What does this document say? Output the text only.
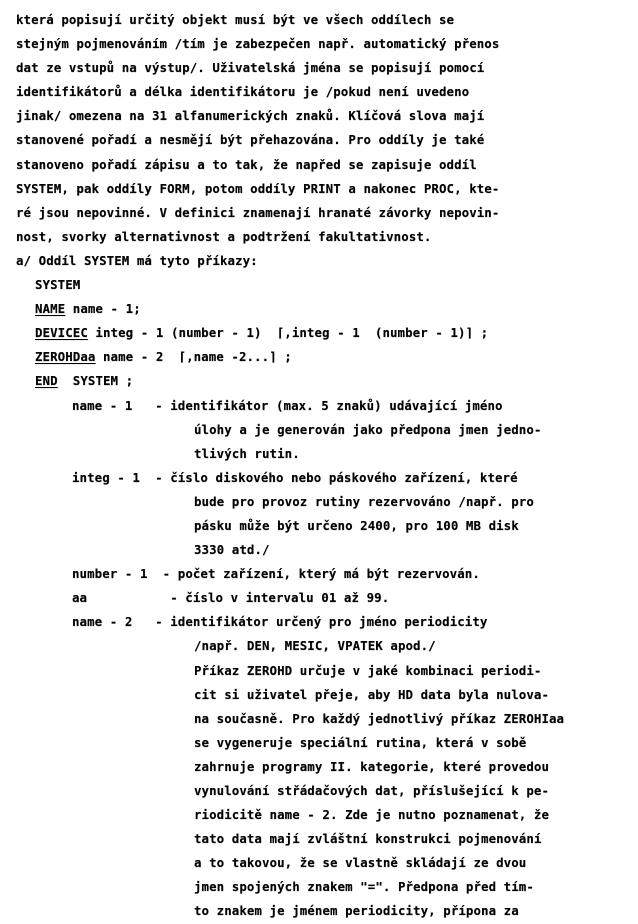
která popisují určitý objekt musí být ve všech oddílech se
stejným pojmenováním /tím je zabezpečen např. automatický přenos
dat ze vstupů na výstup/. Uživatelská jména se popisují pomocí
identifikátorů a délka identifikátoru je /pokud není uvedeno
jinak/ omezena na 31 alfanumerických znaků. Klíčová slova mají
stanovené pořadí a nesmějí být přehazována. Pro oddíly je také
stanoveno pořadí zápisu a to tak, že napřed se zapisuje oddíl
SYSTEM, pak oddíly FORM, potom oddíly PRINT a nakonec PROC, kte-
ré jsou nepovinné. V definici znamenají hranaté závorky nepovin-
nost, svorky alternativnost a podtržení fakultativnost.
a/ Oddíl SYSTEM má tyto příkazy:
SYSTEM
NAME name - 1;
DEVICEC integ - 1 (number - 1)  ⌈,integ - 1  (number - 1)⌉ ;
ZEROHDaa name - 2  ⌈,name -2...⌉ ;
END  SYSTEM ;
name - 1 - identifikátor (max. 5 znaků) udávající jméno
úlohy a je generován jako předpona jmen jedno-
tlivých rutin.
integ - 1 - číslo diskového nebo páskového zařízení, které
bude pro provoz rutiny rezervováno /např. pro
pásku může být určeno 2400, pro 100 MB disk
3330 atd./
number - 1 - počet zařízení, který má být rezervován.
aa	- číslo v intervalu 01 až 99.
name - 2 - identifikátor určený pro jméno periodicity
/např. DEN, MESIC, VPATEK apod./
Příkaz ZEROHD určuje v jaké kombinaci periodi-
cit si uživatel přeje, aby HD data byla nulova-
na současně. Pro každý jednotlivý příkaz ZEROHIaa
se vygeneruje speciální rutina, která v sobě
zahrnuje programy II. kategorie, které provedou
vynulování střádačových dat, příslušející k pe-
riodicitě name - 2. Zde je nutno poznamenat, že
tato data mají zvláštní konstrukci pojmenování
a to takovou, že se vlastně skládají ze dvou
jmen spojených znakem "=". Předpona před tím-
to znakem je jménem periodicity, přípona za
